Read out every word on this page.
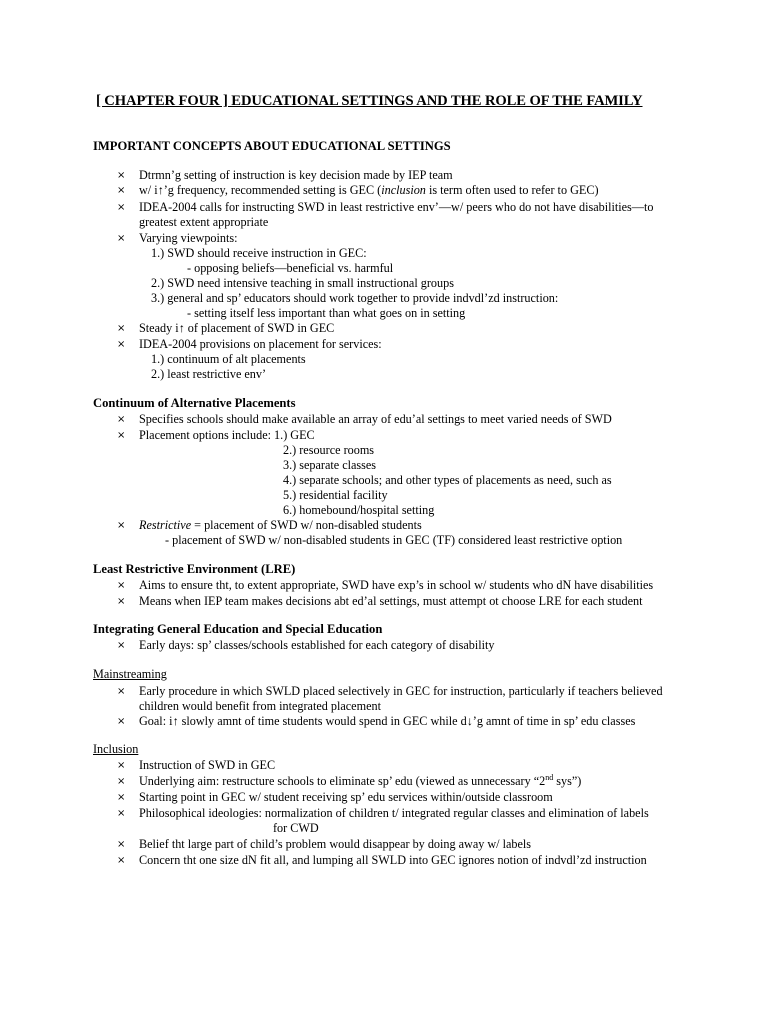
[ CHAPTER FOUR ] EDUCATIONAL SETTINGS AND THE ROLE OF THE FAMILY
IMPORTANT CONCEPTS ABOUT EDUCATIONAL SETTINGS
× Dtrmn’g setting of instruction is key decision made by IEP team
× w/ i↑’g frequency, recommended setting is GEC (inclusion is term often used to refer to GEC)
× IDEA-2004 calls for instructing SWD in least restrictive env’—w/ peers who do not have disabilities—to greatest extent appropriate
× Varying viewpoints:
1.) SWD should receive instruction in GEC:
- opposing beliefs—beneficial vs. harmful
2.) SWD need intensive teaching in small instructional groups
3.) general and sp’ educators should work together to provide indvdl’zd instruction:
- setting itself less important than what goes on in setting
× Steady i↑ of placement of SWD in GEC
× IDEA-2004 provisions on placement for services:
1.) continuum of alt placements
2.) least restrictive env’
Continuum of Alternative Placements
× Specifies schools should make available an array of edu’al settings to meet varied needs of SWD
× Placement options include: 1.) GEC
2.) resource rooms
3.) separate classes
4.) separate schools; and other types of placements as need, such as
5.) residential facility
6.) homebound/hospital setting
× Restrictive = placement of SWD w/ non-disabled students
- placement of SWD w/ non-disabled students in GEC (TF) considered least restrictive option
Least Restrictive Environment (LRE)
× Aims to ensure tht, to extent appropriate, SWD have exp’s in school w/ students who dN have disabilities
× Means when IEP team makes decisions abt ed’al settings, must attempt ot choose LRE for each student
Integrating General Education and Special Education
× Early days: sp’ classes/schools established for each category of disability
Mainstreaming
× Early procedure in which SWLD placed selectively in GEC for instruction, particularly if teachers believed children would benefit from integrated placement
× Goal: i↑ slowly amnt of time students would spend in GEC while d↓’g amnt of time in sp’ edu classes
Inclusion
× Instruction of SWD in GEC
× Underlying aim: restructure schools to eliminate sp’ edu (viewed as unnecessary “2nd sys”)
× Starting point in GEC w/ student receiving sp’ edu services within/outside classroom
× Philosophical ideologies: normalization of children t/ integrated regular classes and elimination of labels
for CWD
× Belief tht large part of child’s problem would disappear by doing away w/ labels
× Concern tht one size dN fit all, and lumping all SWLD into GEC ignores notion of indvdl’zd instruction
